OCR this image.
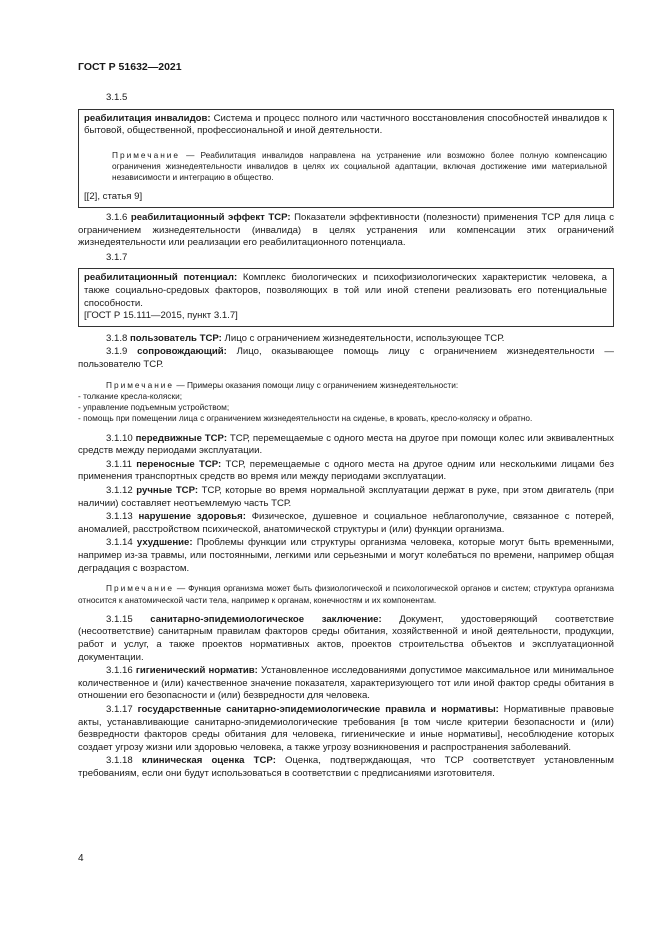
ГОСТ Р 51632—2021

3.1.5

реабилитация инвалидов: Система и процесс полного или частичного восстановления способностей инвалидов к бытовой, общественной, профессиональной и иной деятельности.

Примечание — Реабилитация инвалидов направлена на устранение или возможно более полную компенсацию ограничения жизнедеятельности инвалидов в целях их социальной адаптации, включая достижение ими материальной независимости и интеграцию в общество.

[[2], статья 9]

3.1.6 реабилитационный эффект ТСР: Показатели эффективности (полезности) применения ТСР для лица с ограничением жизнедеятельности (инвалида) в целях устранения или компенсации этих ограничений жизнедеятельности или реализации его реабилитационного потенциала.

3.1.7

реабилитационный потенциал: Комплекс биологических и психофизиологических характеристик человека, а также социально-средовых факторов, позволяющих в той или иной степени реализовать его потенциальные способности.

[ГОСТ Р 15.111—2015, пункт 3.1.7]

3.1.8 пользователь ТСР: Лицо с ограничением жизнедеятельности, использующее ТСР.

3.1.9 сопровождающий: Лицо, оказывающее помощь лицу с ограничением жизнедеятельности — пользователю ТСР.

Примечание — Примеры оказания помощи лицу с ограничением жизнедеятельности:

- толкание кресла-коляски;

- управление подъемным устройством;

- помощь при помещении лица с ограничением жизнедеятельности на сиденье, в кровать, кресло-коляску и обратно.

3.1.10 передвижные ТСР: ТСР, перемещаемые с одного места на другое при помощи колес или эквивалентных средств между периодами эксплуатации.

3.1.11 переносные ТСР: ТСР, перемещаемые с одного места на другое одним или несколькими лицами без применения транспортных средств во время или между периодами эксплуатации.

3.1.12 ручные ТСР: ТСР, которые во время нормальной эксплуатации держат в руке, при этом двигатель (при наличии) составляет неотъемлемую часть ТСР.

3.1.13 нарушение здоровья: Физическое, душевное и социальное неблагополучие, связанное с потерей, аномалией, расстройством психической, анатомической структуры и (или) функции организма.

3.1.14 ухудшение: Проблемы функции или структуры организма человека, которые могут быть временными, например из-за травмы, или постоянными, легкими или серьезными и могут колебаться по времени, например общая деградация с возрастом.

Примечание — Функция организма может быть физиологической и психологической органов и систем; структура организма относится к анатомической части тела, например к органам, конечностям и их компонентам.

3.1.15 санитарно-эпидемиологическое заключение: Документ, удостоверяющий соответствие (несоответствие) санитарным правилам факторов среды обитания, хозяйственной и иной деятельности, продукции, работ и услуг, а также проектов нормативных актов, проектов строительства объектов и эксплуатационной документации.

3.1.16 гигиенический норматив: Установленное исследованиями допустимое максимальное или минимальное количественное и (или) качественное значение показателя, характеризующего тот или иной фактор среды обитания в отношении его безопасности и (или) безвредности для человека.

3.1.17 государственные санитарно-эпидемиологические правила и нормативы: Нормативные правовые акты, устанавливающие санитарно-эпидемиологические требования [в том числе критерии безопасности и (или) безвредности факторов среды обитания для человека, гигиенические и иные нормативы], несоблюдение которых создает угрозу жизни или здоровью человека, а также угрозу возникновения и распространения заболеваний.

3.1.18 клиническая оценка ТСР: Оценка, подтверждающая, что ТСР соответствует установленным требованиям, если они будут использоваться в соответствии с предписаниями изготовителя.

4
